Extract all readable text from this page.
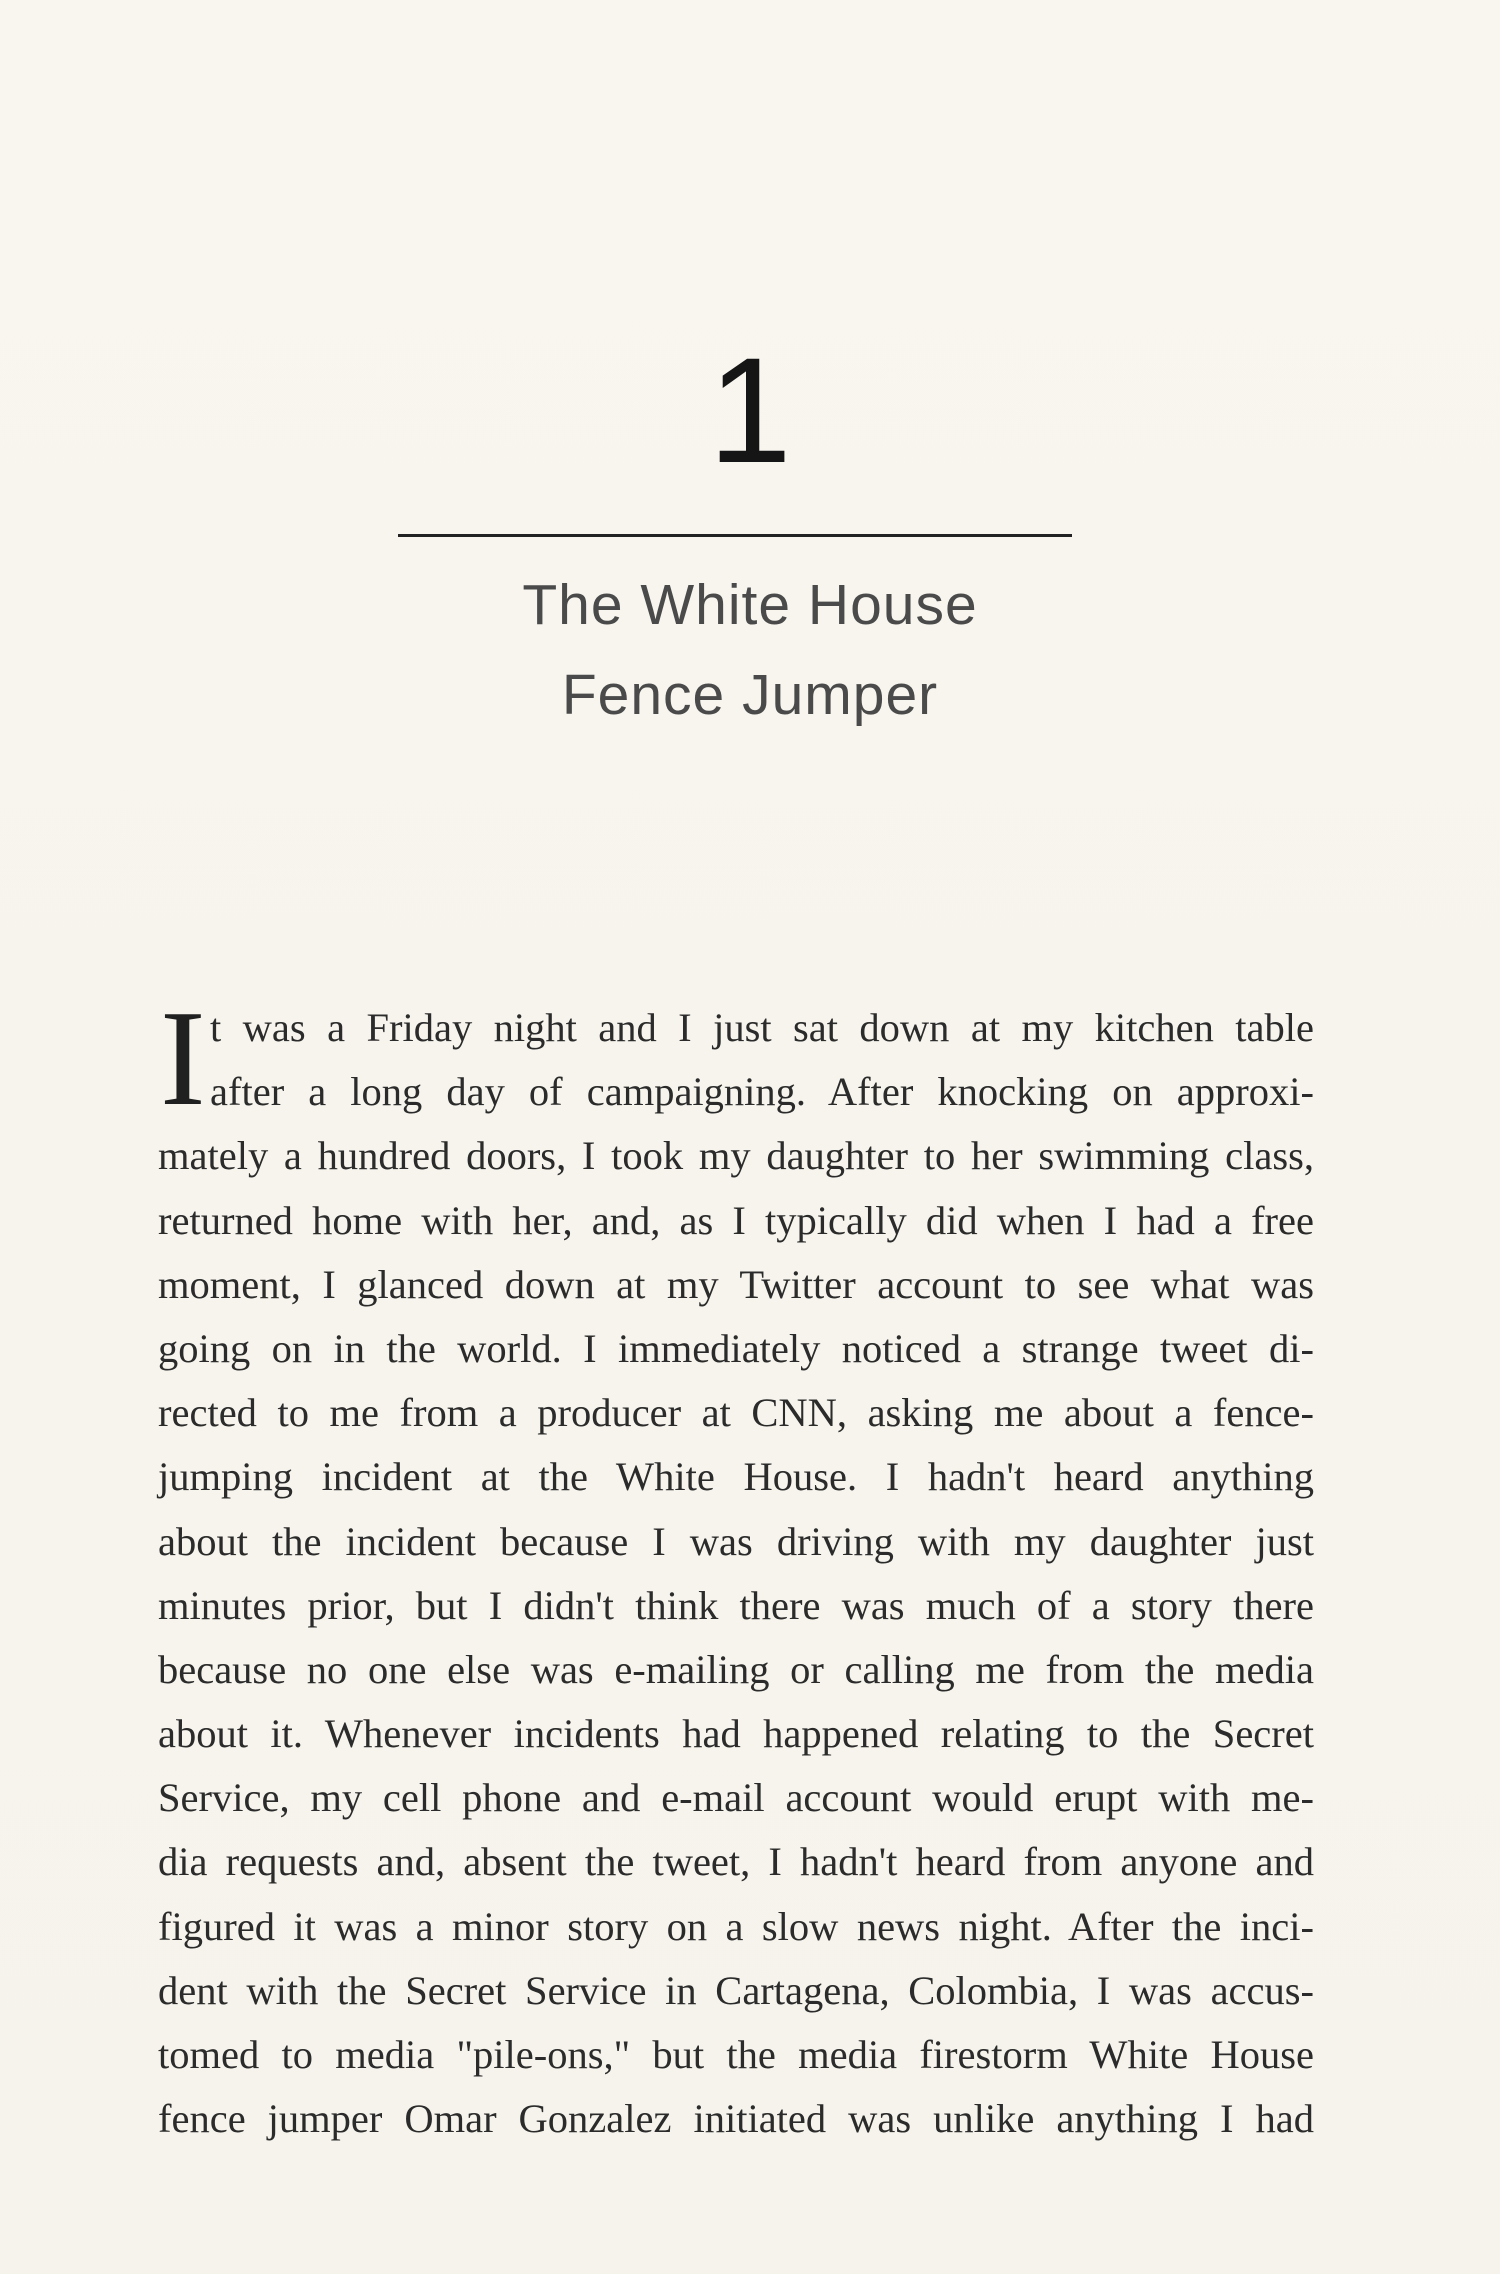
1
The White House
Fence Jumper
I t was a Friday night and I just sat down at my kitchen table
after a long day of campaigning. After knocking on approxi-
mately a hundred doors, I took my daughter to her swimming class,
returned home with her, and, as I typically did when I had a free
moment, I glanced down at my Twitter account to see what was
going on in the world. I immediately noticed a strange tweet di-
rected to me from a producer at CNN, asking me about a fence-
jumping incident at the White House. I hadn't heard anything
about the incident because I was driving with my daughter just
minutes prior, but I didn't think there was much of a story there
because no one else was e-mailing or calling me from the media
about it. Whenever incidents had happened relating to the Secret
Service, my cell phone and e-mail account would erupt with me-
dia requests and, absent the tweet, I hadn't heard from anyone and
figured it was a minor story on a slow news night. After the inci-
dent with the Secret Service in Cartagena, Colombia, I was accus-
tomed to media "pile-ons," but the media firestorm White House
fence jumper Omar Gonzalez initiated was unlike anything I had
